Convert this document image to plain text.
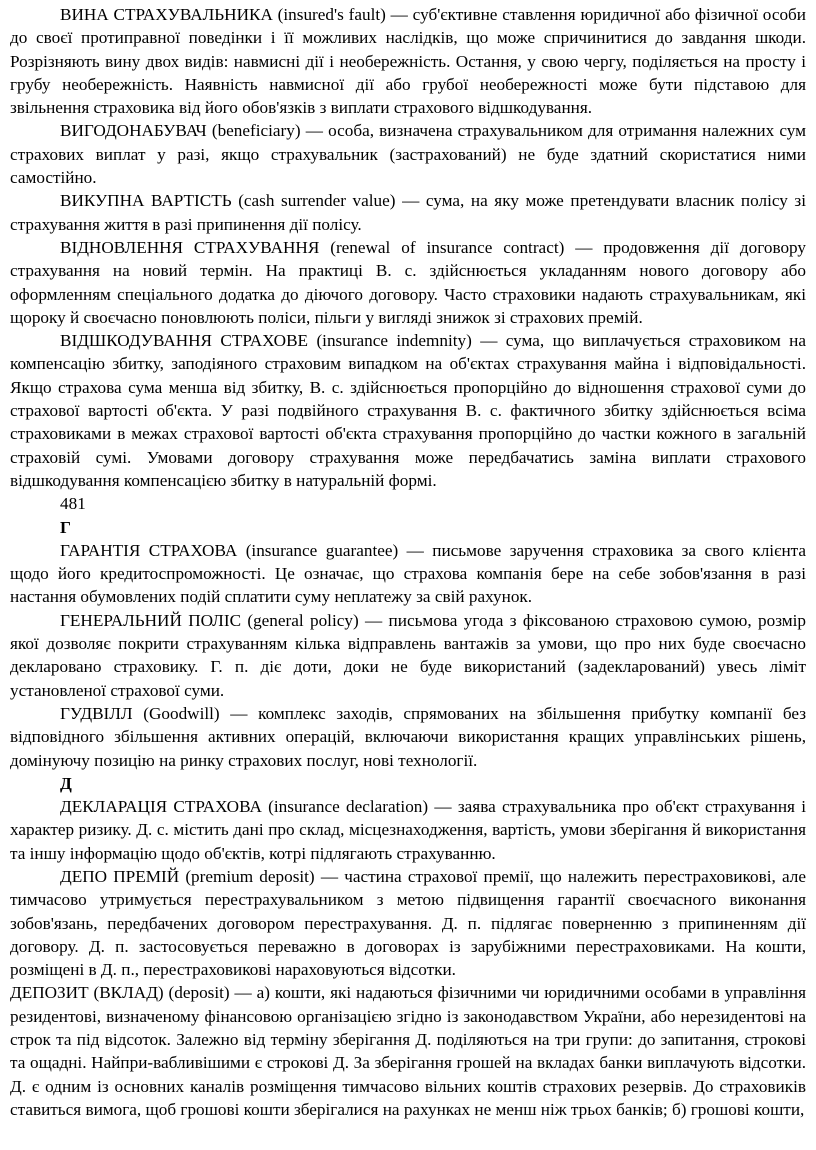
ВИНА СТРАХУВАЛЬНИКА (insured's fault) — суб'єктивне ставлення юридичної або фізичної особи до своєї протиправної поведінки і її можливих наслідків, що може спричинитися до завдання шкоди. Розрізняють вину двох видів: навмисні дії і необережність. Остання, у свою чергу, поділяється на просту і грубу необережність. Наявність навмисної дії або грубої необережності може бути підставою для звільнення страховика від його обов'язків з виплати страхового відшкодування.

ВИГОДОНАБУВАЧ (beneficiary) — особа, визначена страхувальником для отримання належних сум страхових виплат у разі, якщо страхувальник (застрахований) не буде здатний скористатися ними самостійно.

ВИКУПНА ВАРТІСТЬ (cash surrender value) — сума, на яку може претендувати власник полісу зі страхування життя в разі припинення дії полісу.

ВІДНОВЛЕННЯ СТРАХУВАННЯ (renewal of insurance contract) — продовження дії договору страхування на новий термін. На практиці В. с. здійснюється укладанням нового договору або оформленням спеціального додатка до діючого договору. Часто страховики надають страхувальникам, які щороку й своєчасно поновлюють поліси, пільги у вигляді знижок зі страхових премій.

ВІДШКОДУВАННЯ СТРАХОВЕ (insurance indemnity) — сума, що виплачується страховиком на компенсацію збитку, заподіяного страховим випадком на об'єктах страхування майна і відповідальності. Якщо страхова сума менша від збитку, В. с. здійснюється пропорційно до відношення страхової суми до страхової вартості об'єкта. У разі подвійного страхування В. с. фактичного збитку здійснюється всіма страховиками в межах страхової вартості об'єкта страхування пропорційно до частки кожного в загальній страховій сумі. Умовами договору страхування може передбачатись заміна виплати страхового відшкодування компенсацією збитку в натуральній формі.

481

Г

ГАРАНТІЯ СТРАХОВА (insurance guarantee) — письмове заручення страховика за свого клієнта щодо його кредитоспроможності. Це означає, що страхова компанія бере на себе зобов'язання в разі настання обумовлених подій сплатити суму неплатежу за свій рахунок.

ГЕНЕРАЛЬНИЙ ПОЛІС (general policy) — письмова угода з фіксованою страховою сумою, розмір якої дозволяє покрити страхуванням кілька відправлень вантажів за умови, що про них буде своєчасно декларовано страховику. Г. п. діє доти, доки не буде використаний (задекларований) увесь ліміт установленої страхової суми.

ГУДВІЛЛ (Goodwill) — комплекс заходів, спрямованих на збільшення прибутку компанії без відповідного збільшення активних операцій, включаючи використання кращих управлінських рішень, домінуючу позицію на ринку страхових послуг, нові технології.

Д

ДЕКЛАРАЦІЯ СТРАХОВА (insurance declaration) — заява страхувальника про об'єкт страхування і характер ризику. Д. с. містить дані про склад, місцезнаходження, вартість, умови зберігання й використання та іншу інформацію щодо об'єктів, котрі підлягають страхуванню.

ДЕПО ПРЕМІЙ (premium deposit) — частина страхової премії, що належить перестраховикові, але тимчасово утримується перестрахувальником з метою підвищення гарантії своєчасного виконання зобов'язань, передбачених договором перестрахування. Д. п. підлягає поверненню з припиненням дії договору. Д. п. застосовується переважно в договорах із зарубіжними перестраховиками. На кошти, розміщені в Д. п., перестраховикові нараховуються відсотки.

ДЕПОЗИТ (ВКЛАД) (deposit) — а) кошти, які надаються фізичними чи юридичними особами в управління резидентові, визначеному фінансовою організацією згідно із законодавством України, або нерезидентові на строк та під відсоток. Залежно від терміну зберігання Д. поділяються на три групи: до запитання, строкові та ощадні. Найпри-вабливішими є строкові Д. За зберігання грошей на вкладах банки виплачують відсотки. Д. є одним із основних каналів розміщення тимчасово вільних коштів страхових резервів. До страховиків ставиться вимога, щоб грошові кошти зберігалися на рахунках не менш ніж трьох банків; б) грошові кошти,
